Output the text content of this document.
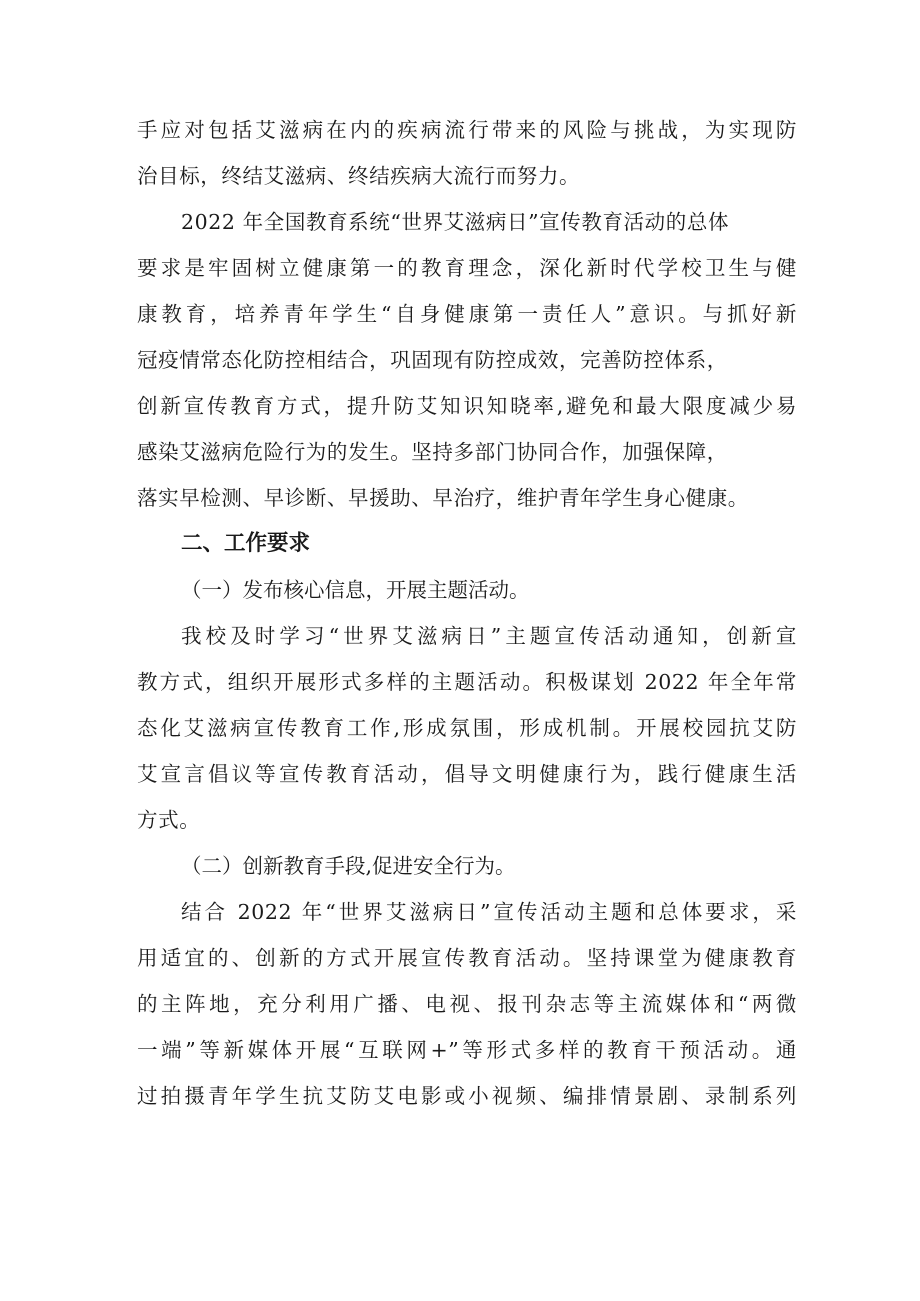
手应对包括艾滋病在内的疾病流行带来的风险与挑战，为实现防
治目标，终结艾滋病、终结疾病大流行而努力。
2022 年全国教育系统“世界艾滋病日”宣传教育活动的总体
要求是牢固树立健康第一的教育理念，深化新时代学校卫生与健
康教育，培养青年学生“自身健康第一责任人”意识。与抓好新
冠疫情常态化防控相结合，巩固现有防控成效，完善防控体系，
创新宣传教育方式，提升防艾知识知晓率,避免和最大限度减少易
感染艾滋病危险行为的发生。坚持多部门协同合作，加强保障，
落实早检测、早诊断、早援助、早治疗，维护青年学生身心健康。
二、工作要求
（一）发布核心信息，开展主题活动。
我校及时学习“世界艾滋病日”主题宣传活动通知，创新宣
教方式，组织开展形式多样的主题活动。积极谋划 2022 年全年常
态化艾滋病宣传教育工作,形成氛围，形成机制。开展校园抗艾防
艾宣言倡议等宣传教育活动，倡导文明健康行为，践行健康生活
方式。
（二）创新教育手段,促进安全行为。
结合 2022 年“世界艾滋病日”宣传活动主题和总体要求，采
用适宜的、创新的方式开展宣传教育活动。坚持课堂为健康教育
的主阵地，充分利用广播、电视、报刊杂志等主流媒体和“两微
一端”等新媒体开展“互联网+”等形式多样的教育干预活动。通
过拍摄青年学生抗艾防艾电影或小视频、编排情景剧、录制系列
